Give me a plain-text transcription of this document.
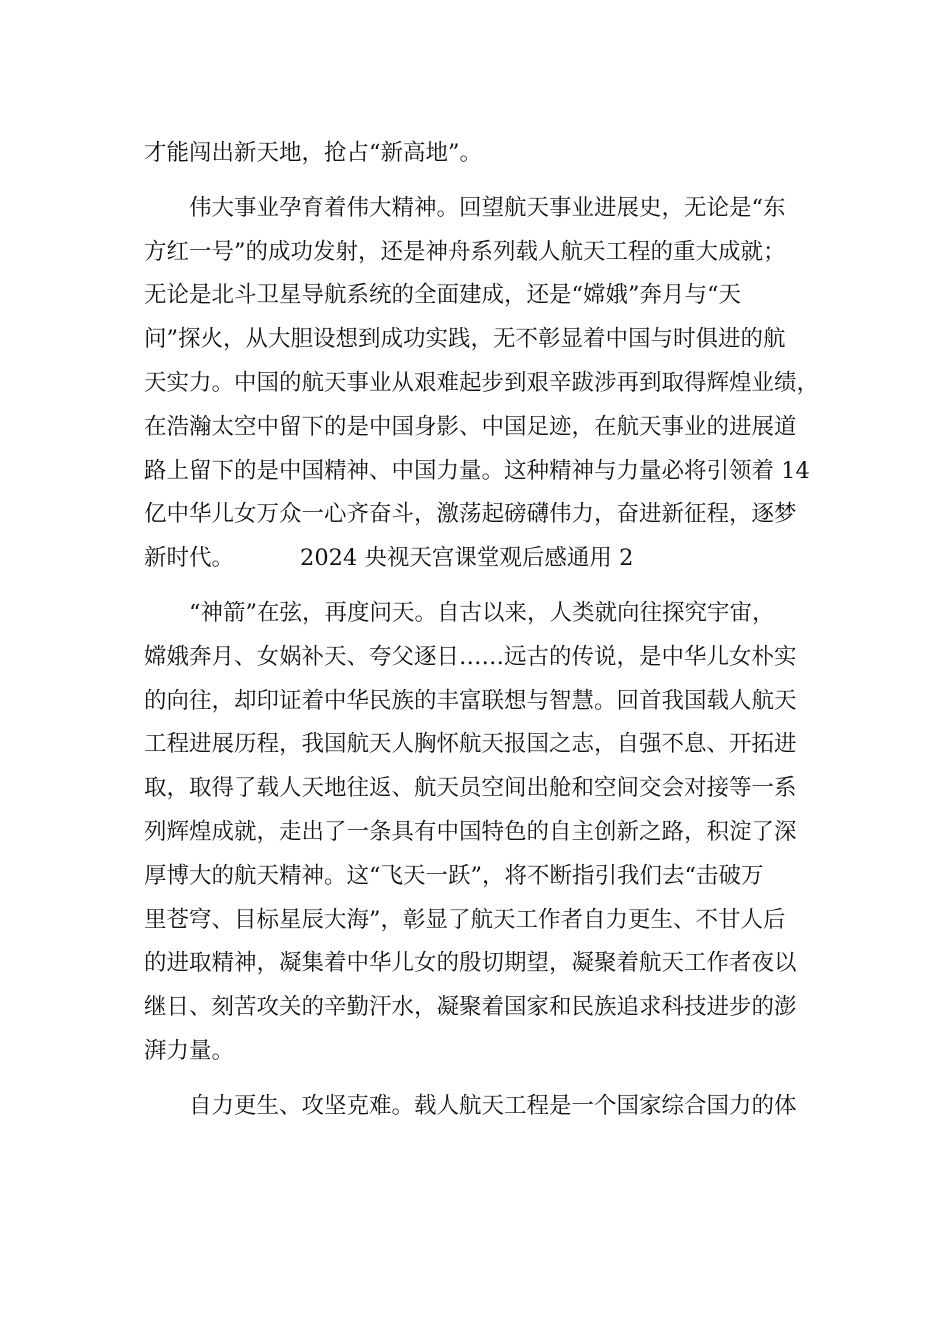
才能闯出新天地，抢占“新高地”。
伟大事业孕育着伟大精神。回望航天事业进展史，无论是“东
方红一号”的成功发射，还是神舟系列载人航天工程的重大成就；
无论是北斗卫星导航系统的全面建成，还是“嫦娥”奔月与“天
问”探火，从大胆设想到成功实践，无不彰显着中国与时俱进的航
天实力。中国的航天事业从艰难起步到艰辛跋涉再到取得辉煌业绩，
在浩瀚太空中留下的是中国身影、中国足迹，在航天事业的进展道
路上留下的是中国精神、中国力量。这种精神与力量必将引领着 14
亿中华儿女万众一心齐奋斗，激荡起磅礴伟力，奋进新征程，逐梦
新时代。	2024 央视天宫课堂观后感通用 2
“神箭”在弦，再度问天。自古以来，人类就向往探究宇宙，
嫦娥奔月、女娲补天、夸父逐日……远古的传说，是中华儿女朴实
的向往，却印证着中华民族的丰富联想与智慧。回首我国载人航天
工程进展历程，我国航天人胸怀航天报国之志，自强不息、开拓进
取，取得了载人天地往返、航天员空间出舱和空间交会对接等一系
列辉煌成就，走出了一条具有中国特色的自主创新之路，积淀了深
厚博大的航天精神。这“飞天一跃”，将不断指引我们去“击破万
里苍穹、目标星辰大海”，彰显了航天工作者自力更生、不甘人后
的进取精神，凝集着中华儿女的殷切期望，凝聚着航天工作者夜以
继日、刻苦攻关的辛勤汗水，凝聚着国家和民族追求科技进步的澎
湃力量。
自力更生、攻坚克难。载人航天工程是一个国家综合国力的体
